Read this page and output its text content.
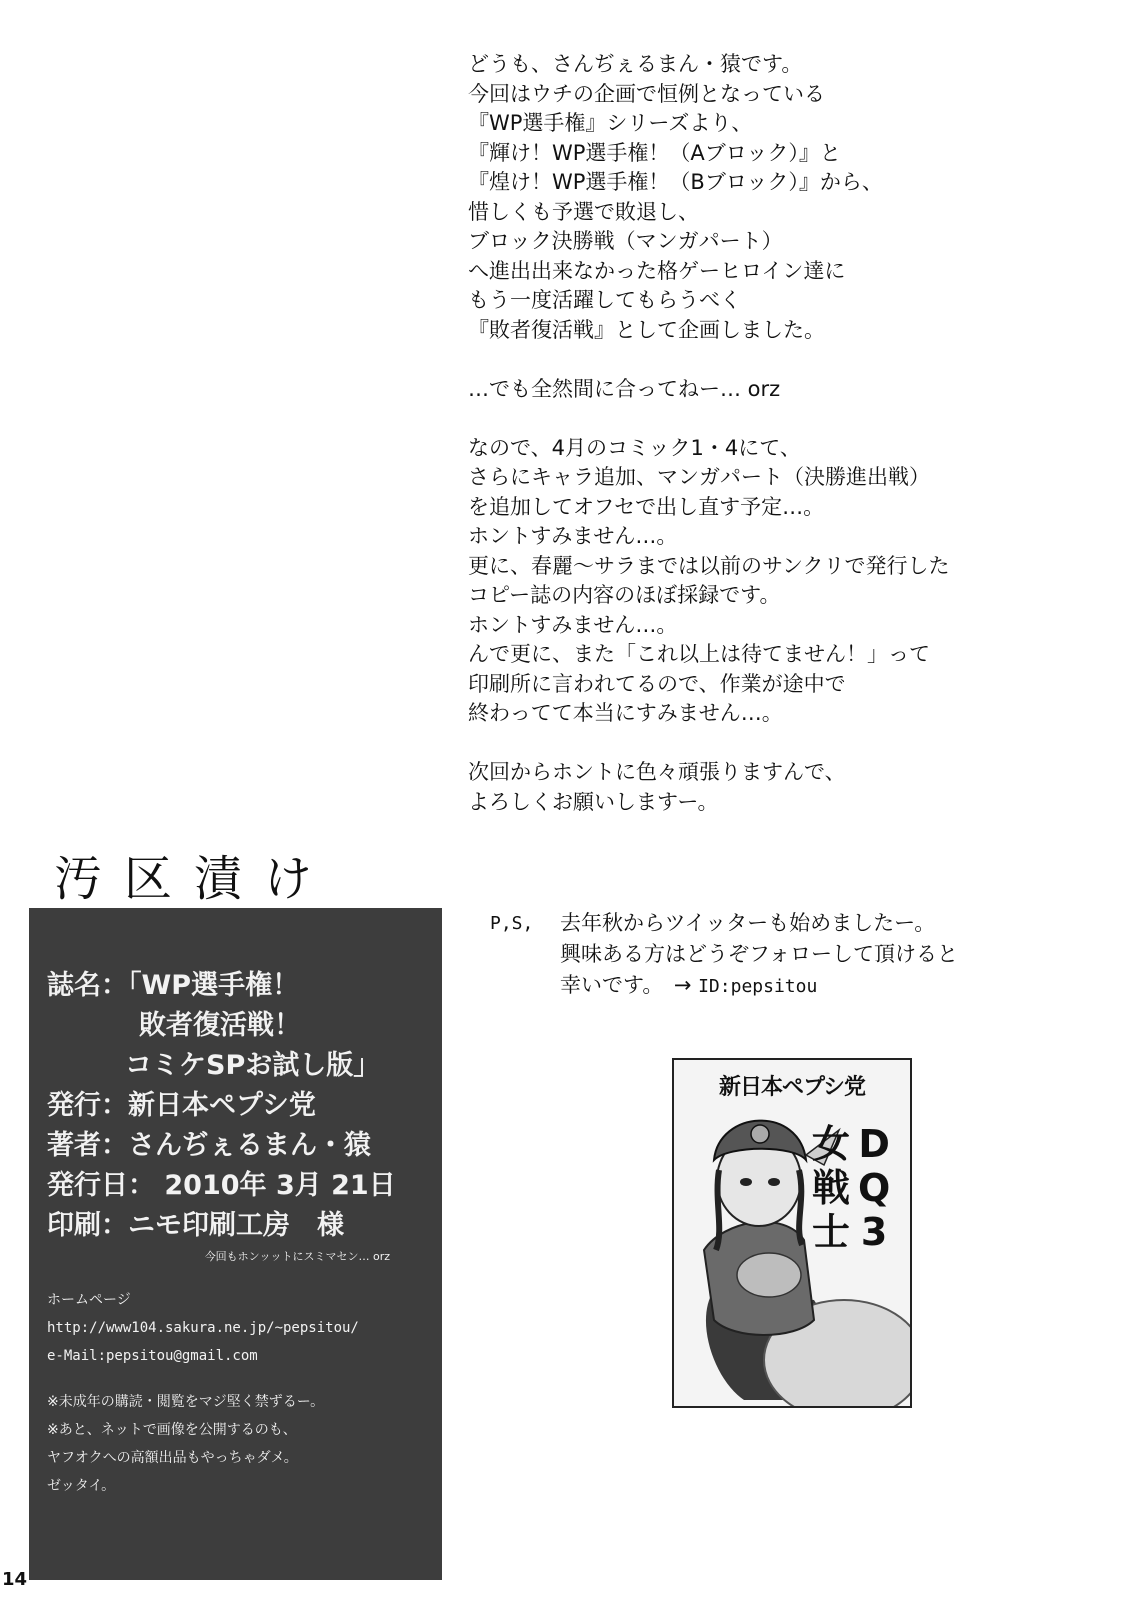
どうも、さんぢぇるまん・猿です。
今回はウチの企画で恒例となっている
『WP選手権』シリーズより、
『輝け！WP選手権！（Aブロック）』と
『煌け！WP選手権！（Bブロック）』から、
惜しくも予選で敗退し、
ブロック決勝戦（マンガパート）
へ進出出来なかった格ゲーヒロイン達に
もう一度活躍してもらうべく
『敗者復活戦』として企画しました。
…でも全然間に合ってねー… orz
なので、4月のコミック1・4にて、
さらにキャラ追加、マンガパート（決勝進出戦）
を追加してオフセで出し直す予定…。
ホントすみません…。
更に、春麗～サラまでは以前のサンクリで発行した
コピー誌の内容のほぼ採録です。
ホントすみません…。
んで更に、また「これ以上は待てません！」って
印刷所に言われてるので、作業が途中で
終わってて本当にすみません…。
次回からホントに色々頑張りますんで、
よろしくお願いしますー。
P,S,	去年秋からツイッターも始めましたー。
興味ある方はどうぞフォローして頂けると
幸いです。　→ ID:pepsitou
汚区漬け
誌名：「WP選手権！
敗者復活戦！
コミケSPお試し版」
発行：新日本ペプシ党
著者：さんぢぇるまん・猿
発行日： 2010年 3月 21日
印刷：ニモ印刷工房　様
今回もホンッットにスミマセン… orz
ホームページ
http://www104.sakura.ne.jp/~pepsitou/
e-Mail:pepsitou@gmail.com
※未成年の購読・閲覧をマジ堅く禁ずるー。
※あと、ネットで画像を公開するのも、
ヤフオクへの高額出品もやっちゃダメ。
ゼッタイ。
新日本ペプシ党
女
戦
士
D
Q
3
14
